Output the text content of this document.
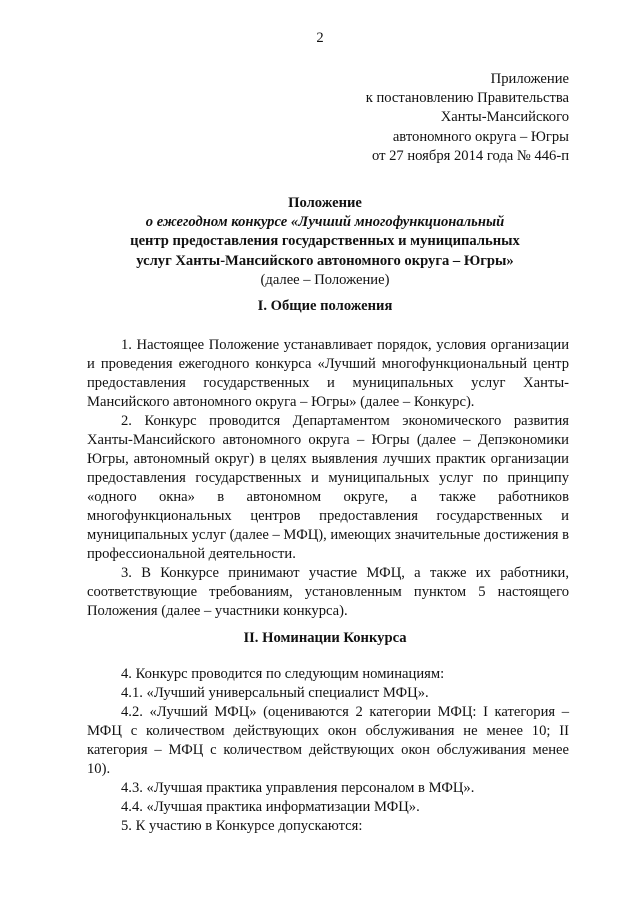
2
Приложение
к постановлению Правительства
Ханты-Мансийского
автономного округа – Югры
от 27 ноября 2014 года № 446-п
Положение
о ежегодном конкурсе «Лучший многофункциональный
центр предоставления государственных и муниципальных
услуг Ханты-Мансийского автономного округа – Югры»
(далее – Положение)
I. Общие положения

1. Настоящее Положение устанавливает порядок, условия организации и проведения ежегодного конкурса «Лучший многофункциональный центр предоставления государственных и муниципальных услуг Ханты-Мансийского автономного округа – Югры» (далее – Конкурс).

2. Конкурс проводится Департаментом экономического развития Ханты-Мансийского автономного округа – Югры (далее – Депэкономики Югры, автономный округ) в целях выявления лучших практик организации предоставления государственных и муниципальных услуг по принципу «одного окна» в автономном округе, а также работников многофункциональных центров предоставления государственных и муниципальных услуг (далее – МФЦ), имеющих значительные достижения в профессиональной деятельности.

3. В Конкурсе принимают участие МФЦ, а также их работники, соответствующие требованиям, установленным пунктом 5 настоящего Положения (далее – участники конкурса).

II. Номинации Конкурса

4. Конкурс проводится по следующим номинациям:

4.1. «Лучший универсальный специалист МФЦ».

4.2. «Лучший МФЦ» (оцениваются 2 категории МФЦ: I категория – МФЦ с количеством действующих окон обслуживания не менее 10; II категория – МФЦ с количеством действующих окон обслуживания менее 10).

4.3. «Лучшая практика управления персоналом в МФЦ».

4.4. «Лучшая практика информатизации МФЦ».

5. К участию в Конкурсе допускаются:
